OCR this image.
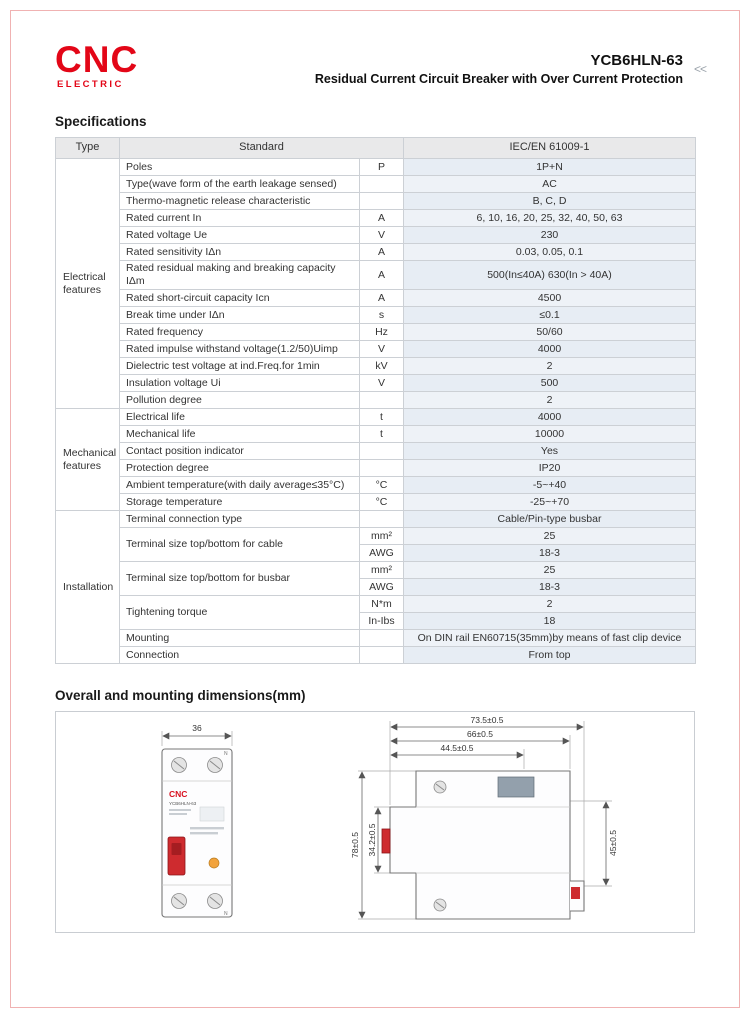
<<
CNC
ELECTRIC
YCB6HLN-63
Residual Current Circuit Breaker with Over Current Protection
Specifications
Type	Standard		IEC/EN 61009-1
Electrical features	Poles	P	1P+N
	Type(wave form of the earth leakage sensed)		AC
	Thermo-magnetic release characteristic		B, C, D
	Rated current In	A	6, 10, 16, 20, 25, 32, 40, 50, 63
	Rated voltage Ue	V	230
	Rated sensitivity IΔn	A	0.03, 0.05, 0.1
	Rated residual making and breaking capacity IΔm	A	500(In≤40A) 630(In > 40A)
	Rated short-circuit capacity Icn	A	4500
	Break time under IΔn	s	≤0.1
	Rated frequency	Hz	50/60
	Rated impulse withstand voltage(1.2/50)Uimp	V	4000
	Dielectric test voltage at ind.Freq.for 1min	kV	2
	Insulation voltage Ui	V	500
	Pollution degree		2
Mechanical features	Electrical life	t	4000
	Mechanical life	t	10000
	Contact position indicator		Yes
	Protection degree		IP20
	Ambient temperature(with daily average≤35°C)	°C	-5~+40
	Storage temperature	°C	-25~+70
Installation	Terminal connection type		Cable/Pin-type busbar
	Terminal size top/bottom for cable	mm²	25
		AWG	18-3
	Terminal size top/bottom for busbar	mm²	25
		AWG	18-3
	Tightening torque	N*m	2
		In-Ibs	18
	Mounting		On DIN rail EN60715(35mm)by means of fast clip device
	Connection		From top
Overall and mounting dimensions(mm)
36
N
N
CNC
YCB6HLN-63
73.5±0.5
66±0.5
44.5±0.5
78±0.5 34.2±0.5	45±0.5
